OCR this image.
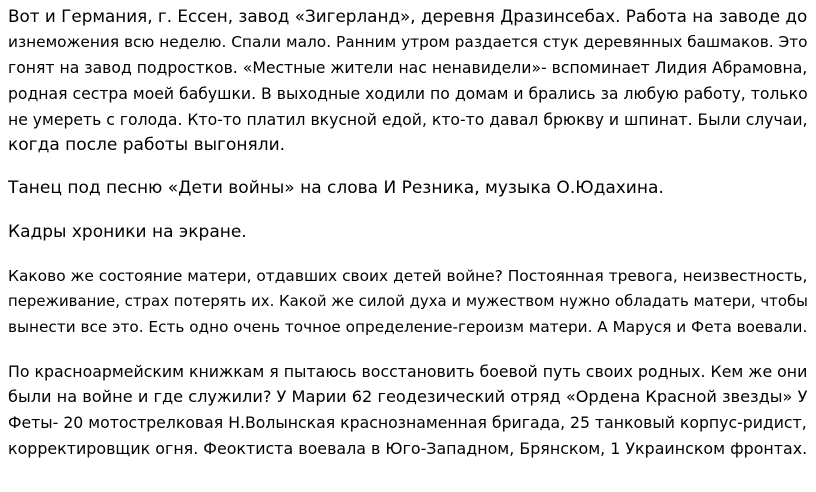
Вот и Германия, г. Ессен, завод «Зигерланд», деревня Дразинсебах. Работа на заводе до
изнеможения всю неделю. Спали мало. Ранним утром раздается стук деревянных башмаков. Это
гонят на завод подростков. «Местные жители нас ненавидели»- вспоминает Лидия Абрамовна,
родная сестра моей бабушки. В выходные ходили по домам и брались за любую работу, только
не умереть с голода. Кто-то платил вкусной едой, кто-то давал брюкву и шпинат. Были случаи,
когда после работы выгоняли.

Танец под песню «Дети войны» на слова И Резника, музыка О.Юдахина.

Кадры хроники на экране.

Каково же состояние матери, отдавших своих детей войне? Постоянная тревога, неизвестность,
переживание, страх потерять их. Какой же силой духа и мужеством нужно обладать матери, чтобы
вынести все это. Есть одно очень точное определение-героизм матери. А Маруся и Фета воевали.

По красноармейским книжкам я пытаюсь восстановить боевой путь своих родных. Кем же они
были на войне и где служили? У Марии 62 геодезический отряд «Ордена Красной звезды» У
Феты- 20 мотострелковая Н.Волынская краснознаменная бригада, 25 танковый корпус-ридист,
корректировщик огня. Феоктиста воевала в Юго-Западном, Брянском, 1 Украинском фронтах.
